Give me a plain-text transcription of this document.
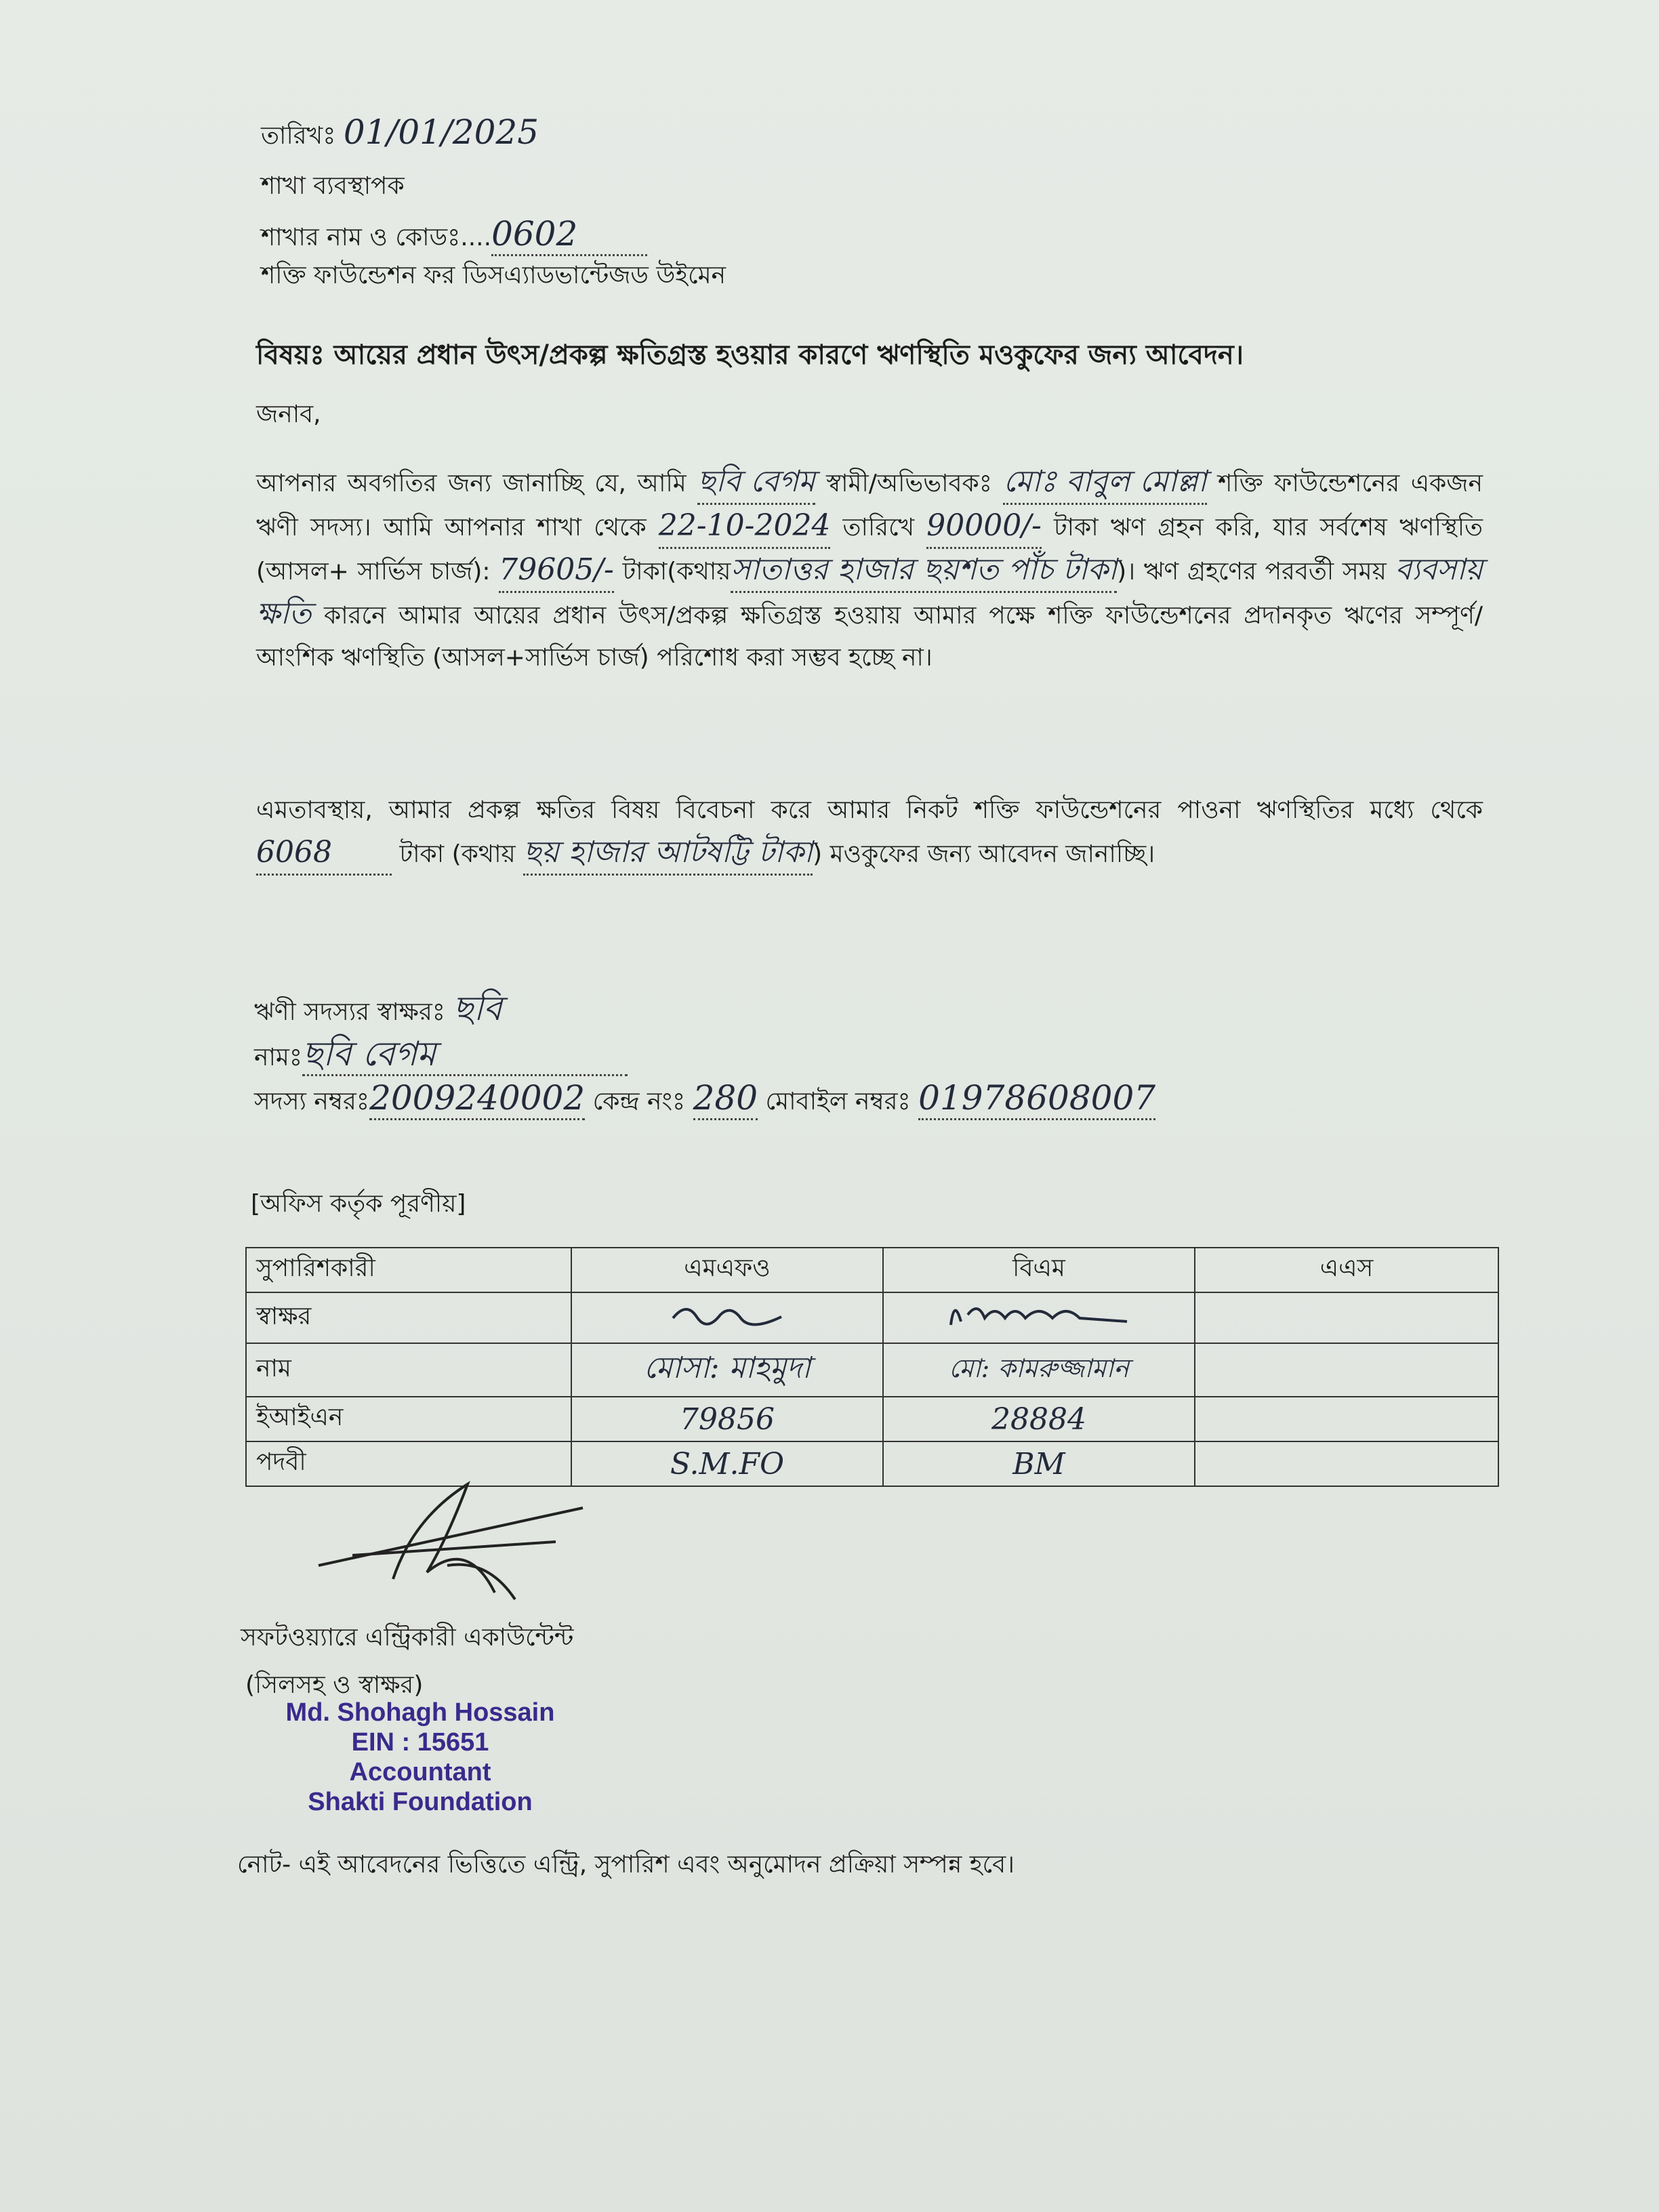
তারিখঃ 01/01/2025
শাখা ব্যবস্থাপক
শাখার নাম ও কোডঃ....0602
শক্তি ফাউন্ডেশন ফর ডিসএ্যাডভান্টেজড উইমেন
বিষয়ঃ আয়ের প্রধান উৎস/প্রকল্প ক্ষতিগ্রস্ত হওয়ার কারণে ঋণস্থিতি মওকুফের জন্য আবেদন।
জনাব,
আপনার অবগতির জন্য জানাচ্ছি যে, আমি ছবি বেগম স্বামী/অভিভাবকঃ মোঃ বাবুল মোল্লা শক্তি ফাউন্ডেশনের একজন ঋণী সদস্য। আমি আপনার শাখা থেকে 22-10-2024 তারিখে 90000/- টাকা ঋণ গ্রহন করি, যার সর্বশেষ ঋণস্থিতি (আসল+ সার্ভিস চার্জ): 79605/- টাকা(কথায়সাতাত্তর হাজার ছয়শত পাঁচ টাকা)। ঋণ গ্রহণের পরবর্তী সময় ব্যবসায় ক্ষতি কারনে আমার আয়ের প্রধান উৎস/প্রকল্প ক্ষতিগ্রস্ত হওয়ায় আমার পক্ষে শক্তি ফাউন্ডেশনের প্রদানকৃত ঋণের সম্পূর্ণ/আংশিক ঋণস্থিতি (আসল+সার্ভিস চার্জ) পরিশোধ করা সম্ভব হচ্ছে না।
এমতাবস্থায়, আমার প্রকল্প ক্ষতির বিষয় বিবেচনা করে আমার নিকট শক্তি ফাউন্ডেশনের পাওনা ঋণস্থিতির মধ্যে থেকে 6068	টাকা (কথায় ছয় হাজার আটষট্টি টাকা) মওকুফের জন্য আবেদন জানাচ্ছি।
ঋণী সদস্যর স্বাক্ষরঃ ছবি
নামঃছবি বেগম
সদস্য নম্বরঃ2009240002 কেন্দ্র নংঃ 280 মোবাইল নম্বরঃ 01978608007
[অফিস কর্তৃক পূরণীয়]
সুপারিশকারী	এমএফও	বিএম	এএস
স্বাক্ষর			
নাম	মোসা: মাহমুদা	মো: কামরুজ্জামান	
ইআইএন	79856	28884	
পদবী	S.M.FO	BM	
সফটওয়্যারে এন্ট্রিকারী একাউন্টেন্ট
(সিলসহ ও স্বাক্ষর)
Md. Shohagh Hossain
EIN : 15651
Accountant
Shakti Foundation
নোট- এই আবেদনের ভিত্তিতে এন্ট্রি, সুপারিশ এবং অনুমোদন প্রক্রিয়া সম্পন্ন হবে।
